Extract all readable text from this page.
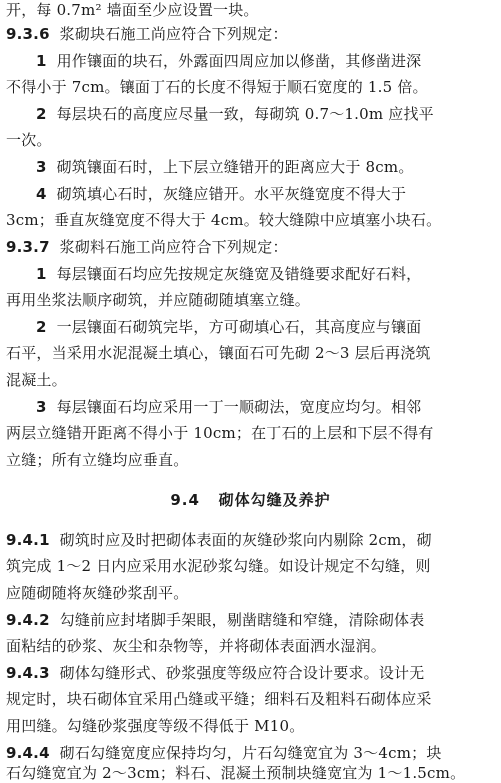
开，每 0.7m² 墙面至少应设置一块。
9.3.6 浆砌块石施工尚应符合下列规定：
1 用作镶面的块石，外露面四周应加以修凿，其修凿进深
不得小于 7cm。镶面丁石的长度不得短于顺石宽度的 1.5 倍。
2 每层块石的高度应尽量一致，每砌筑 0.7～1.0m 应找平
一次。
3 砌筑镶面石时，上下层立缝错开的距离应大于 8cm。
4 砌筑填心石时，灰缝应错开。水平灰缝宽度不得大于
3cm；垂直灰缝宽度不得大于 4cm。较大缝隙中应填塞小块石。
9.3.7 浆砌料石施工尚应符合下列规定：
1 每层镶面石均应先按规定灰缝宽及错缝要求配好石料，
再用坐浆法顺序砌筑，并应随砌随填塞立缝。
2 一层镶面石砌筑完毕，方可砌填心石，其高度应与镶面
石平，当采用水泥混凝土填心，镶面石可先砌 2～3 层后再浇筑
混凝土。
3 每层镶面石均应采用一丁一顺砌法，宽度应均匀。相邻
两层立缝错开距离不得小于 10cm；在丁石的上层和下层不得有
立缝；所有立缝均应垂直。
9.4 砌体勾缝及养护
9.4.1 砌筑时应及时把砌体表面的灰缝砂浆向内剔除 2cm，砌
筑完成 1～2 日内应采用水泥砂浆勾缝。如设计规定不勾缝，则
应随砌随将灰缝砂浆刮平。
9.4.2 勾缝前应封堵脚手架眼，剔凿瞎缝和窄缝，清除砌体表
面粘结的砂浆、灰尘和杂物等，并将砌体表面洒水湿润。
9.4.3 砌体勾缝形式、砂浆强度等级应符合设计要求。设计无
规定时，块石砌体宜采用凸缝或平缝；细料石及粗料石砌体应采
用凹缝。勾缝砂浆强度等级不得低于 M10。
9.4.4 砌石勾缝宽度应保持均匀，片石勾缝宽宜为 3～4cm；块
石勾缝宽宜为 2～3cm；料石、混凝土预制块缝宽宜为 1～1.5cm。
